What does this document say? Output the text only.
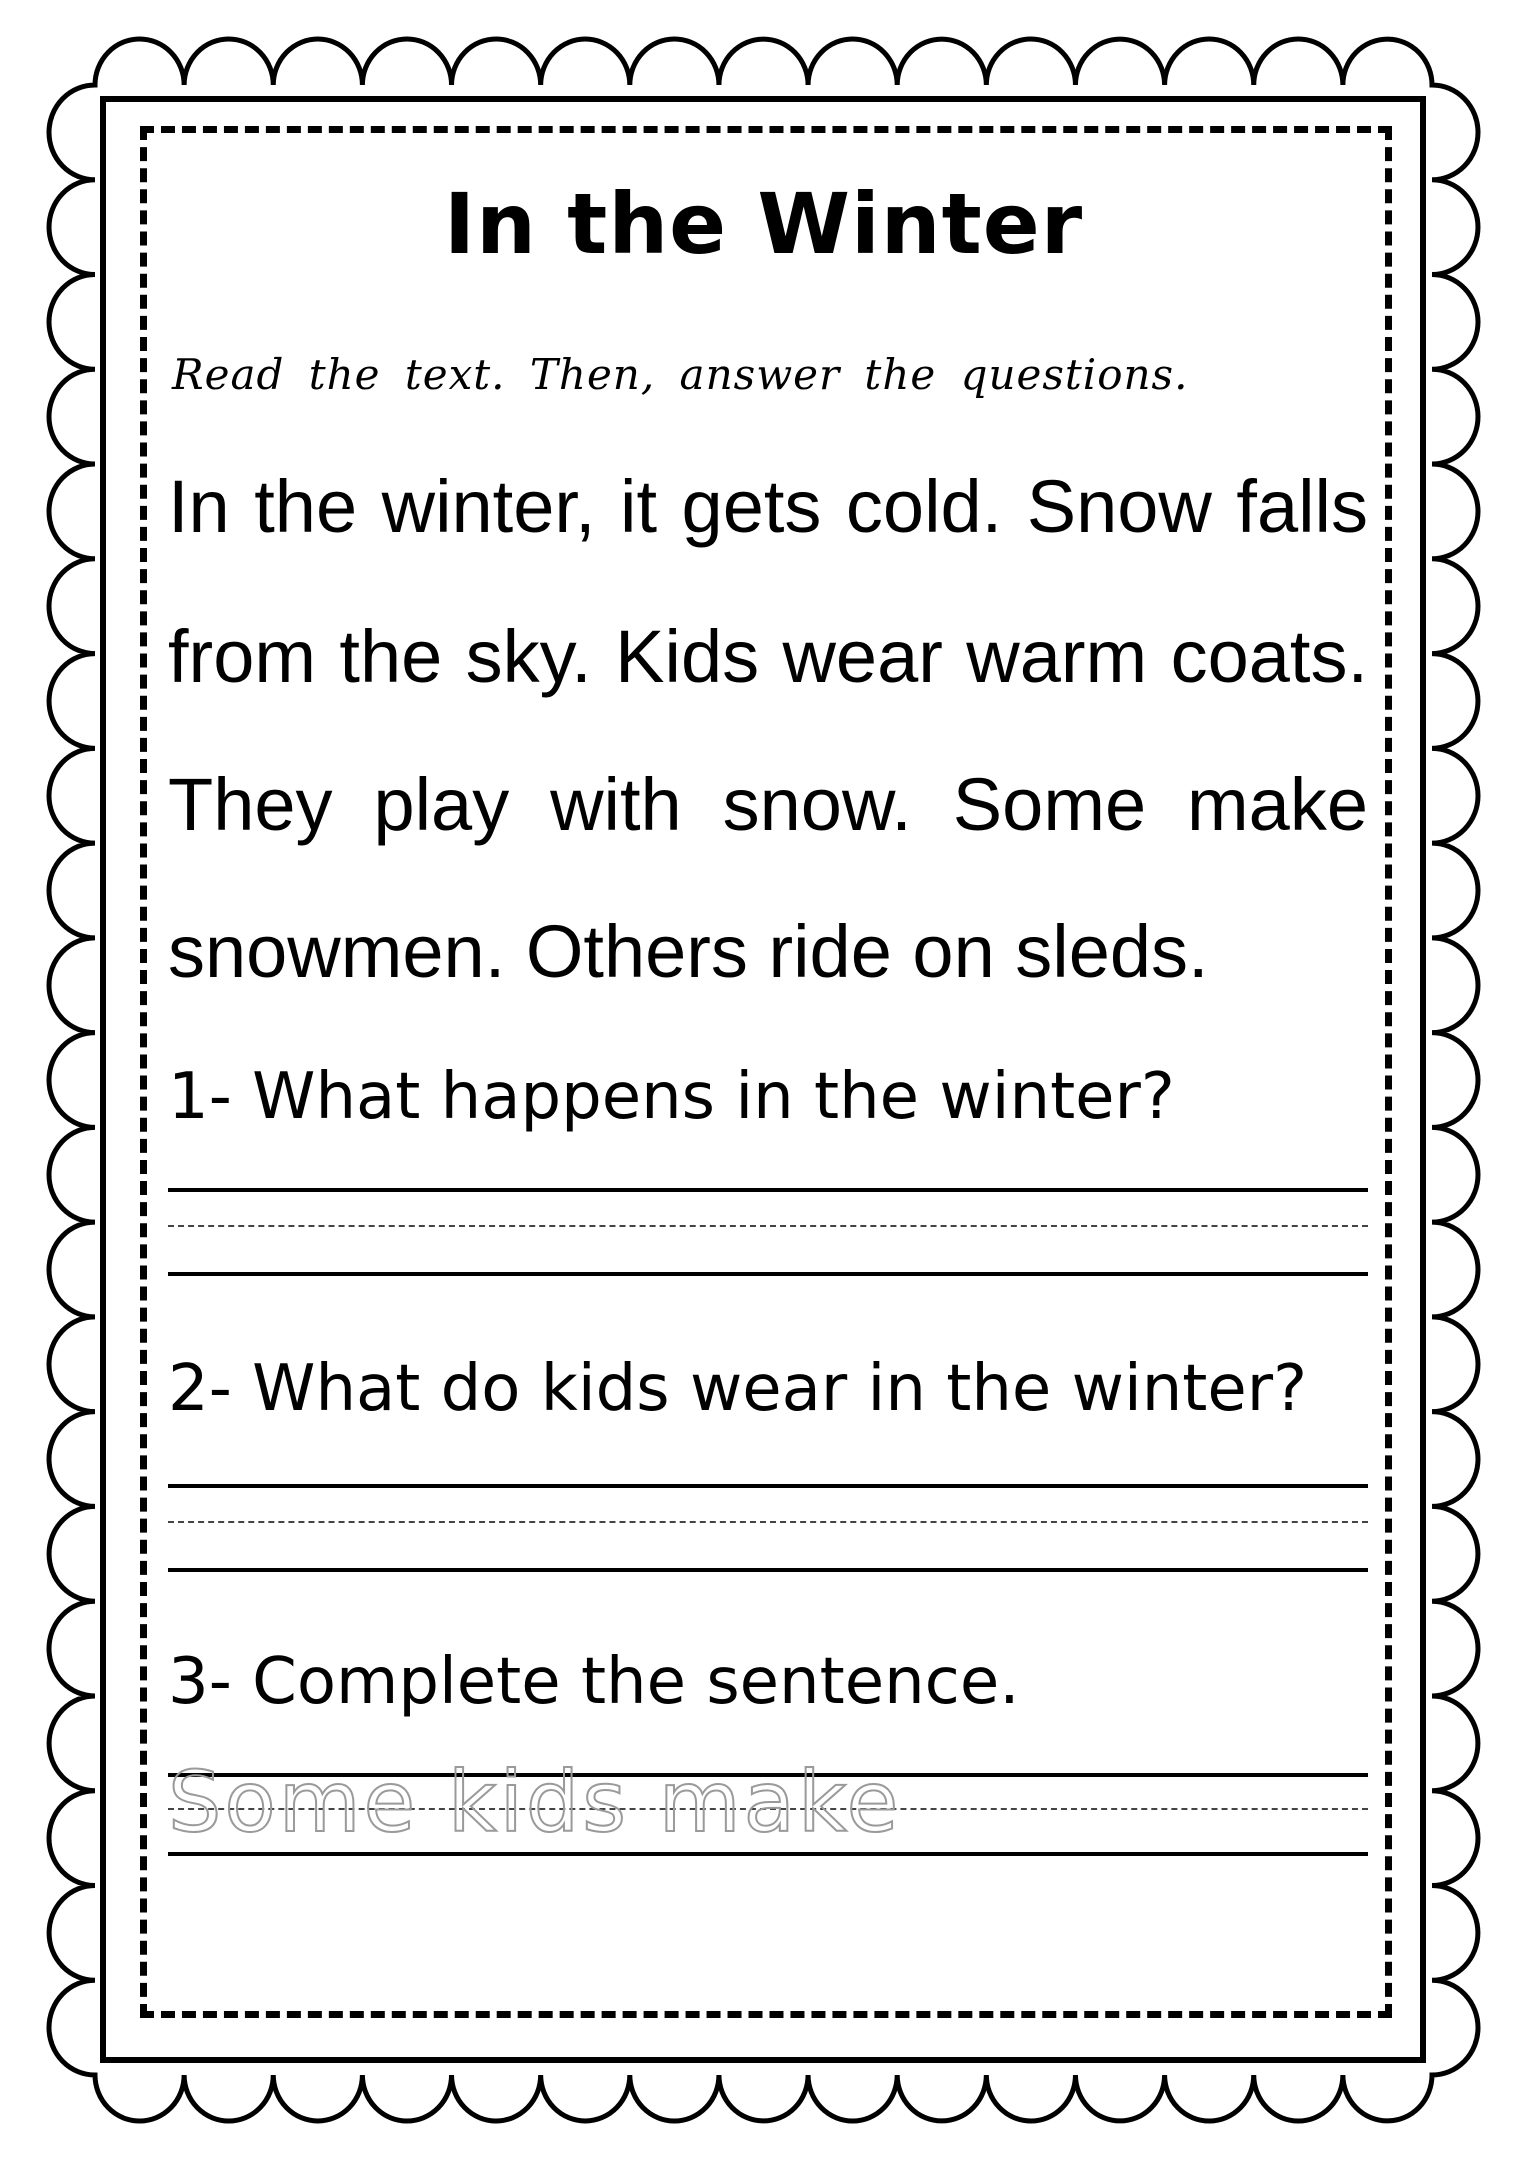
In the Winter
Read the text. Then, answer the questions.
In the winter, it gets cold. Snow falls
from the sky. Kids wear warm coats.
They play with snow. Some make
snowmen. Others ride on sleds.
1- What happens in the winter?
2- What do kids wear in the winter?
3- Complete the sentence.
Some kids make
